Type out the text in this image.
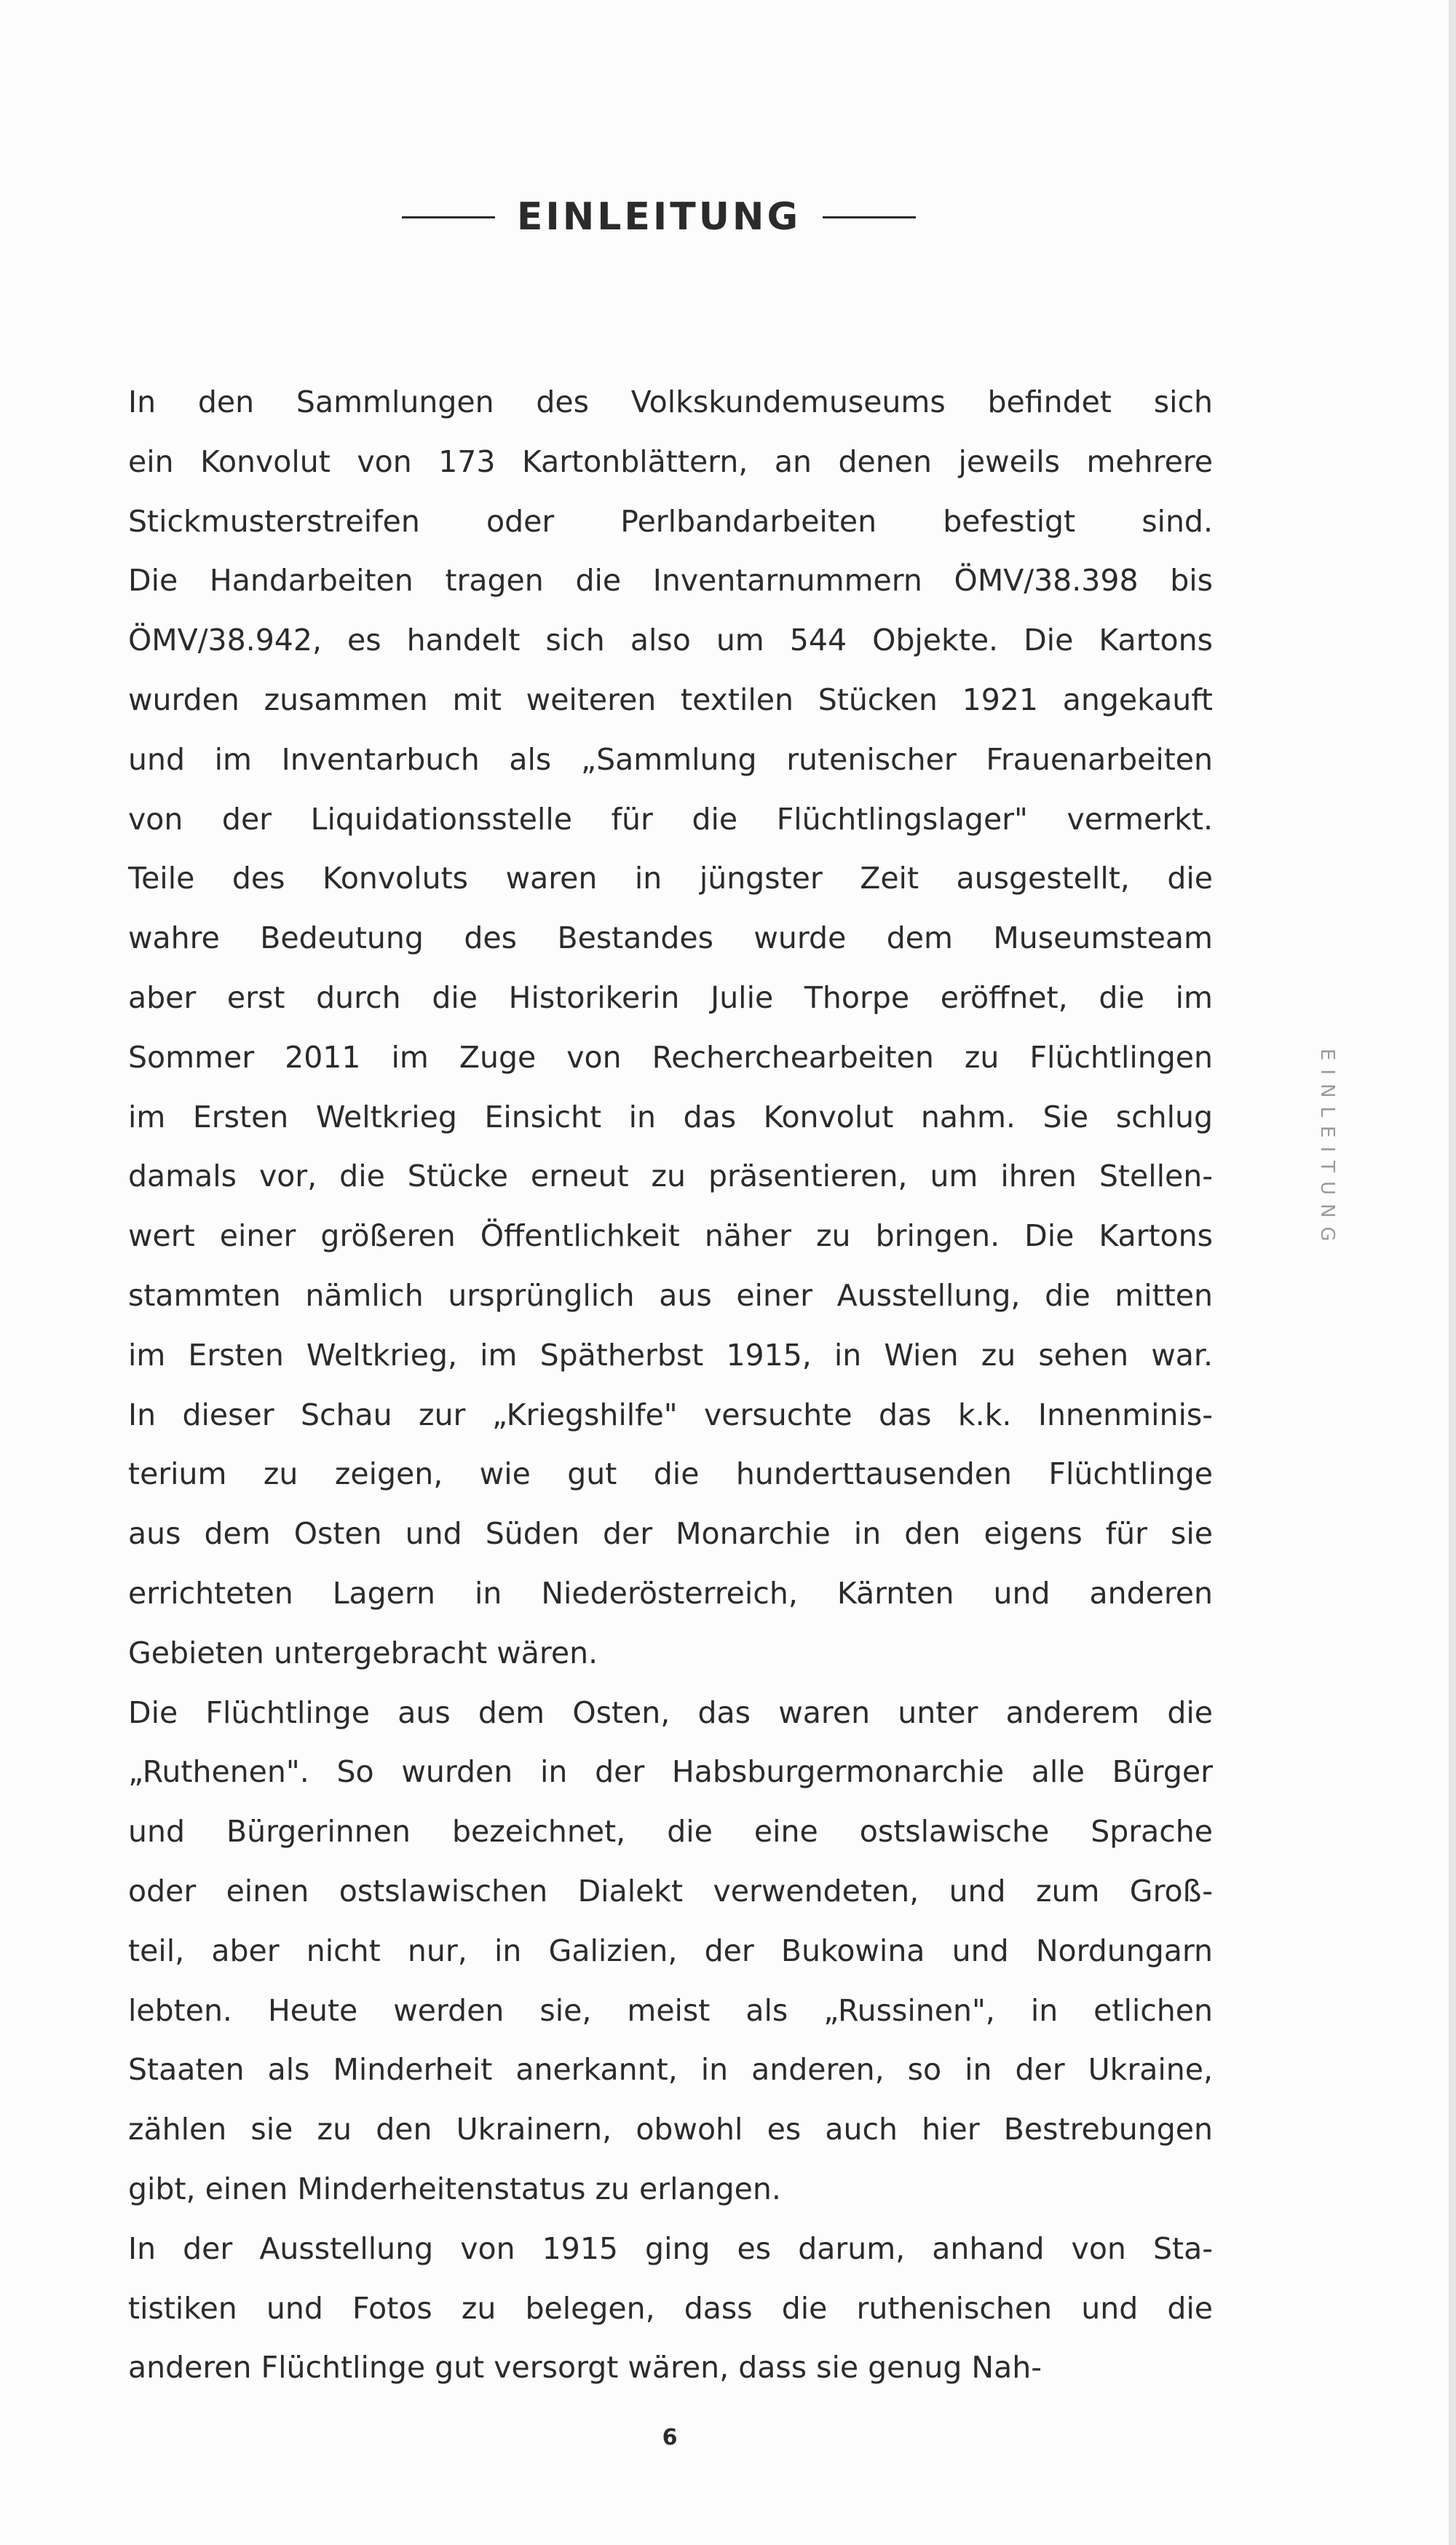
EINLEITUNG
In den Sammlungen des Volkskundemuseums befindet sich
ein Konvolut von 173 Kartonblättern, an denen jeweils mehrere
Stickmusterstreifen oder Perlbandarbeiten befestigt sind.
Die Handarbeiten tragen die Inventarnummern ÖMV/38.398 bis
ÖMV/38.942, es handelt sich also um 544 Objekte. Die Kartons
wurden zusammen mit weiteren textilen Stücken 1921 angekauft
und im Inventarbuch als „Sammlung rutenischer Frauenarbeiten
von der Liquidationsstelle für die Flüchtlingslager" vermerkt.
Teile des Konvoluts waren in jüngster Zeit ausgestellt, die
wahre Bedeutung des Bestandes wurde dem Museumsteam
aber erst durch die Historikerin Julie Thorpe eröffnet, die im
Sommer 2011 im Zuge von Recherchearbeiten zu Flüchtlingen
im Ersten Weltkrieg Einsicht in das Konvolut nahm. Sie schlug
damals vor, die Stücke erneut zu präsentieren, um ihren Stellen-
wert einer größeren Öffentlichkeit näher zu bringen. Die Kartons
stammten nämlich ursprünglich aus einer Ausstellung, die mitten
im Ersten Weltkrieg, im Spätherbst 1915, in Wien zu sehen war.
In dieser Schau zur „Kriegshilfe" versuchte das k.k. Innenminis-
terium zu zeigen, wie gut die hunderttausenden Flüchtlinge
aus dem Osten und Süden der Monarchie in den eigens für sie
errichteten Lagern in Niederösterreich, Kärnten und anderen
Gebieten untergebracht wären.
Die Flüchtlinge aus dem Osten, das waren unter anderem die
„Ruthenen". So wurden in der Habsburgermonarchie alle Bürger
und Bürgerinnen bezeichnet, die eine ostslawische Sprache
oder einen ostslawischen Dialekt verwendeten, und zum Groß-
teil, aber nicht nur, in Galizien, der Bukowina und Nordungarn
lebten. Heute werden sie, meist als „Russinen", in etlichen
Staaten als Minderheit anerkannt, in anderen, so in der Ukraine,
zählen sie zu den Ukrainern, obwohl es auch hier Bestrebungen
gibt, einen Minderheitenstatus zu erlangen.
In der Ausstellung von 1915 ging es darum, anhand von Sta-
tistiken und Fotos zu belegen, dass die ruthenischen und die
anderen Flüchtlinge gut versorgt wären, dass sie genug Nah-
EINLEITUNG
6
